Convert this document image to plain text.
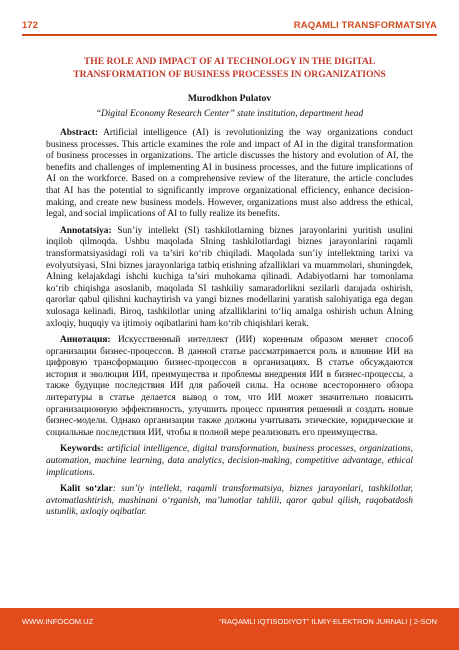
172	RAQAMLI TRANSFORMATSIYA
THE ROLE AND IMPACT OF AI TECHNOLOGY IN THE DIGITAL TRANSFORMATION OF BUSINESS PROCESSES IN ORGANIZATIONS
Murodkhon Pulatov
“Digital Economy Research Center” state institution, department head

Abstract: Artificial intelligence (AI) is revolutionizing the way organizations conduct business processes. This article examines the role and impact of AI in the digital transformation of business processes in organizations. The article discusses the history and evolution of AI, the benefits and challenges of implementing AI in business processes, and the future implications of AI on the workforce. Based on a comprehensive review of the literature, the article concludes that AI has the potential to significantly improve organizational efficiency, enhance decision-making, and create new business models. However, organizations must also address the ethical, legal, and social implications of AI to fully realize its benefits.

Annotatsiya: Sun’iy intellekt (SI) tashkilotlarning biznes jarayonlarini yuritish usulini inqilob qilmoqda. Ushbu maqolada SIning tashkilotlardagi biznes jarayonlarini raqamli transformatsiyasidagi roli va ta’siri ko‘rib chiqiladi. Maqolada sun’iy intellektning tarixi va evolyutsiyasi, SIni biznes jarayonlariga tatbiq etishning afzalliklari va muammolari, shuningdek, AIning kelajakdagi ishchi kuchiga ta’siri muhokama qilinadi. Adabiyotlarni har tomonlama ko‘rib chiqishga asoslanib, maqolada SI tashkiliy samaradorlikni sezilarli darajada oshirish, qarorlar qabul qilishni kuchaytirish va yangi biznes modellarini yaratish salohiyatiga ega degan xulosaga kelinadi. Biroq, tashkilotlar uning afzalliklarini to‘liq amalga oshirish uchun AIning axloqiy, huquqiy va ijtimoiy oqibatlarini ham ko‘rib chiqishlari kerak.

Аннотация: Искусственный интеллект (ИИ) коренным образом меняет способ организации бизнес-процессов. В данной статье рассматривается роль и влияние ИИ на цифровую трансформацию бизнес-процессов в организациях. В статье обсуждаются история и эволюция ИИ, преимущества и проблемы внедрения ИИ в бизнес-процессы, а также будущие последствия ИИ для рабочей силы. На основе всестороннего обзора литературы в статье делается вывод о том, что ИИ может значительно повысить организационную эффективность, улучшить процесс принятия решений и создать новые бизнес-модели. Однако организации также должны учитывать этические, юридические и социальные последствия ИИ, чтобы в полной мере реализовать его преимущества.

Keywords: artificial intelligence, digital transformation, business processes, organizations, automation, machine learning, data analytics, decision-making, competitive advantage, ethical implications.

Kalit so‘zlar: sun’iy intellekt, raqamli transformatsiya, biznes jarayonlari, tashkilotlar, avtomatlashtirish, mashinani o‘rganish, ma’lumotlar tahlili, qaror qabul qilish, raqobatdosh ustunlik, axloqiy oqibatlar.

WWW.INFOCOM.UZ	“RAQAMLI IQTISODIYOT” ILMIY-ELEKTRON JURNALI | 2-SON
